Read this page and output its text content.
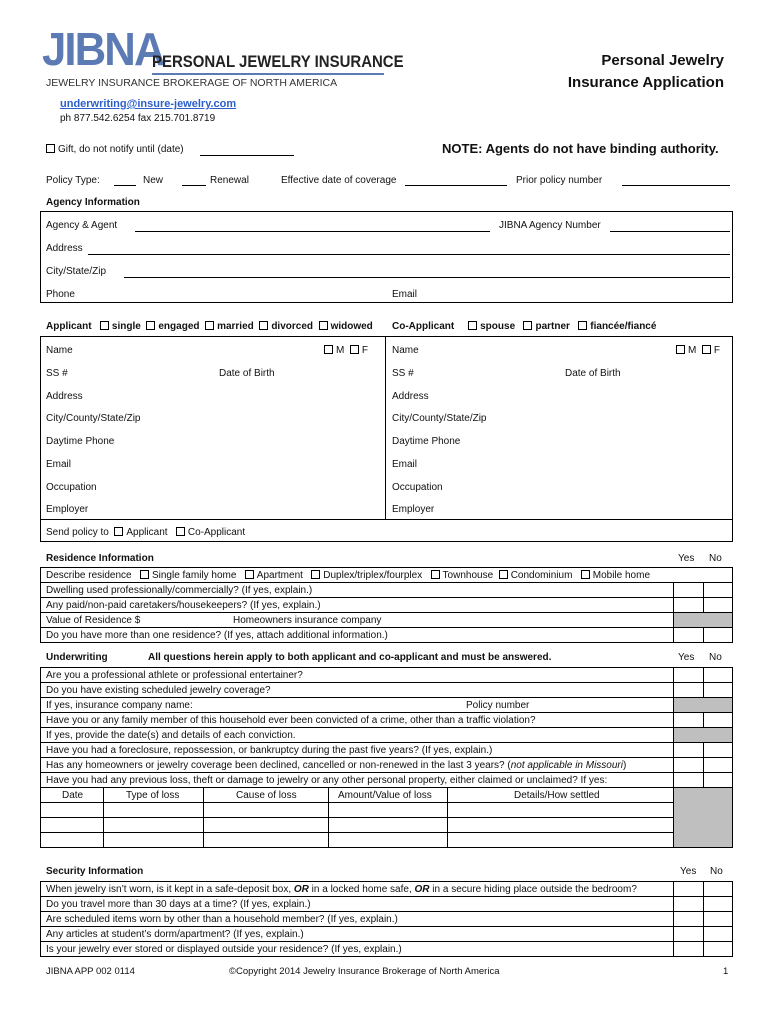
JIBNA
PERSONAL JEWELRY INSURANCE
JEWELRY INSURANCE BROKERAGE OF NORTH AMERICA
underwriting@insure-jewelry.com
ph 877.542.6254 fax 215.701.8719
Personal Jewelry
Insurance Application
Gift, do not notify until (date)	NOTE: Agents do not have binding authority.
Policy Type:	New	Renewal	Effective date of coverage	Prior policy number
Agency Information
Agency & Agent	JIBNA Agency Number
Address
City/State/Zip
Phone	Email
Applicant single engaged married divorced widowed Co-Applicant	spouse partner fiancée/fiancé
Name	M F Name	M F
SS #	Date of Birth	SS #	Date of Birth
Address	Address
City/County/State/Zip	City/County/State/Zip
Daytime Phone	Daytime Phone
Email	Email
Occupation	Occupation
Employer	Employer
Send policy to Applicant Co-Applicant
Residence Information	Yes No
Describe residence Single family home Apartment Duplex/triplex/fourplex Townhouse Condominium Mobile home
Dwelling used professionally/commercially? (If yes, explain.)
Any paid/non-paid caretakers/housekeepers? (If yes, explain.)
Value of Residence $	Homeowners insurance company
Do you have more than one residence? (If yes, attach additional information.)
Underwriting	All questions herein apply to both applicant and co-applicant and must be answered.	Yes No
Are you a professional athlete or professional entertainer?
Do you have existing scheduled jewelry coverage?
If yes, insurance company name:	Policy number
Have you or any family member of this household ever been convicted of a crime, other than a traffic violation?
If yes, provide the date(s) and details of each conviction.
Have you had a foreclosure, repossession, or bankruptcy during the past five years? (If yes, explain.)
Has any homeowners or jewelry coverage been declined, cancelled or non-renewed in the last 3 years? (not applicable in Missouri)
Have you had any previous loss, theft or damage to jewelry or any other personal property, either claimed or unclaimed? If yes:
Date	Type of loss	Cause of loss	Amount/Value of loss	Details/How settled
Security Information	Yes No
When jewelry isn’t worn, is it kept in a safe-deposit box, OR in a locked home safe, OR in a secure hiding place outside the bedroom?
Do you travel more than 30 days at a time? (If yes, explain.)
Are scheduled items worn by other than a household member? (If yes, explain.)
Any articles at student’s dorm/apartment? (If yes, explain.)
Is your jewelry ever stored or displayed outside your residence? (If yes, explain.)
JIBNA APP 002 0114	©Copyright 2014 Jewelry Insurance Brokerage of North America	1
